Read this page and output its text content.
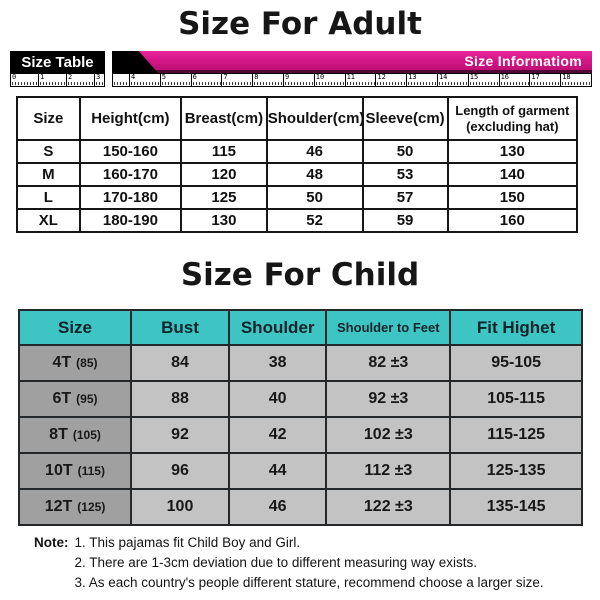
Size For Adult
Size Table
0	1	2	3
Size Informatiom
4	5	6	7	8	9	10	11	12	13	14	15	16	17	18
Size	Height(cm)	Breast(cm)	Shoulder(cm)	Sleeve(cm)	Length of garment (excluding hat)
S	150-160	115	46	50	130
M	160-170	120	48	53	140
L	170-180	125	50	57	150
XL	180-190	130	52	59	160
Size For Child
Size	Bust	Shoulder	Shoulder to Feet	Fit Highet
4T (85)	84	38	82 ±3	95-105
6T (95)	88	40	92 ±3	105-115
8T (105)	92	42	102 ±3	115-125
10T (115)	96	44	112 ±3	125-135
12T (125)	100	46	122 ±3	135-145
Note: 1. This pajamas fit Child Boy and Girl.
2. There are 1-3cm deviation due to different measuring way exists.
3. As each country's people different stature, recommend choose a larger size.
